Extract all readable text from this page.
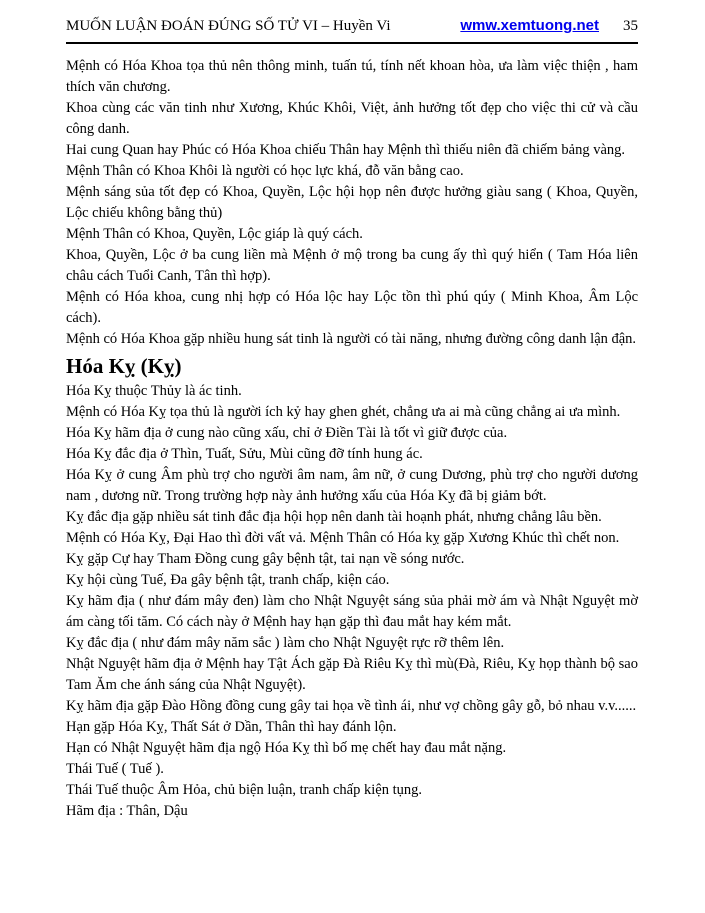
MUỐN LUẬN ĐOÁN ĐÚNG SỐ TỬ VI – Huyền Vi	wmw.xemtuong.net 35

Mệnh có Hóa Khoa tọa thủ nên thông minh, tuấn tú, tính nết khoan hòa, ưa làm việc thiện , ham thích văn chương.

Khoa cùng các văn tinh như Xương, Khúc Khôi, Việt, ảnh hưởng tốt đẹp cho việc thi cử và cầu công danh.

Hai cung Quan hay Phúc có Hóa Khoa chiếu Thân hay Mệnh thì thiếu niên đã chiếm bảng vàng.

Mệnh Thân có Khoa Khôi là người có học lực khá, đỗ văn bằng cao.

Mệnh sáng sủa tốt đẹp có Khoa, Quyền, Lộc hội họp nên được hưởng giàu sang ( Khoa, Quyền, Lộc chiếu không bằng thủ)

Mệnh Thân có Khoa, Quyền, Lộc giáp là quý cách.

Khoa, Quyền, Lộc ở ba cung liền mà Mệnh ở mộ trong ba cung ấy thì quý hiển ( Tam Hóa liên châu cách Tuổi Canh, Tân thì hợp).

Mệnh có Hóa khoa, cung nhị hợp có Hóa lộc hay Lộc tồn thì phú qúy ( Minh Khoa, Âm Lộc cách).

Mệnh có Hóa Khoa gặp nhiều hung sát tinh là người có tài năng, nhưng đường công danh lận đận.

Hóa Kỵ (Kỵ)

Hóa Kỵ thuộc Thủy là ác tinh.

Mệnh có Hóa Kỵ tọa thủ là người ích kỷ hay ghen ghét, chẳng ưa ai mà cũng chẳng ai ưa mình.

Hóa Kỵ hãm địa ở cung nào cũng xấu, chỉ ở Điền Tài là tốt vì giữ được của.

Hóa Kỵ đắc địa ở Thìn, Tuất, Sửu, Mùi cũng đỡ tính hung ác.

Hóa Kỵ ở cung Âm phù trợ cho người âm nam, âm nữ, ở cung Dương, phù trợ cho người dương nam , dương nữ. Trong trường hợp này ảnh hưởng xấu của Hóa Kỵ đã bị giảm bớt.

Kỵ đắc địa gặp nhiều sát tinh đắc địa hội họp nên danh tài hoạnh phát, nhưng chẳng lâu bền.

Mệnh có Hóa Kỵ, Đại Hao thì đời vất vả. Mệnh Thân có Hóa kỵ gặp Xương Khúc thì chết non.

Kỵ gặp Cự hay Tham Đồng cung gây bệnh tật, tai nạn về sóng nước.

Kỵ hội cùng Tuế, Đa gây bệnh tật, tranh chấp, kiện cáo.

Kỵ hãm địa ( như đám mây đen) làm cho Nhật Nguyệt sáng sủa phải mờ ám và Nhật Nguyệt mờ ám càng tối tăm. Có cách này ở Mệnh hay hạn gặp thì đau mắt hay kém mắt.

Kỵ đắc địa ( như đám mây năm sắc ) làm cho Nhật Nguyệt rực rỡ thêm lên.

Nhật Nguyệt hãm địa ở Mệnh hay Tật Ách gặp Đà Riêu Kỵ thì mù(Đà, Riêu, Kỵ họp thành bộ sao Tam Ăm che ánh sáng của Nhật Nguyệt).

Kỵ hãm địa gặp Đào Hồng đồng cung gây tai họa về tình ái, như vợ chồng gây gỗ, bỏ nhau v.v......

Hạn gặp Hóa Kỵ, Thất Sát ở Dần, Thân thì hay đánh lộn.

Hạn có Nhật Nguyệt hãm địa ngộ Hóa Kỵ thì bố mẹ chết hay đau mắt nặng.

Thái Tuế ( Tuế ).

Thái Tuế thuộc Âm Hỏa, chủ biện luận, tranh chấp kiện tụng.

Hãm địa : Thân, Dậu
